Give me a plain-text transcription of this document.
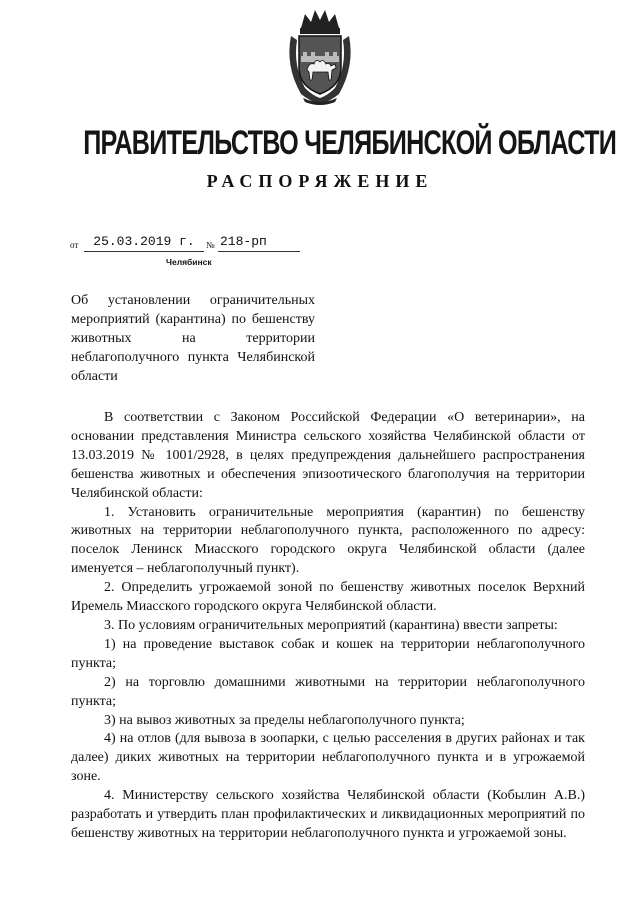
ПРАВИТЕЛЬСТВО ЧЕЛЯБИНСКОЙ ОБЛАСТИ
РАСПОРЯЖЕНИЕ
от	25.03.2019 г.	№ 218-рп
Челябинск
Об установлении ограничительных мероприятий (карантина) по бешенству животных на территории неблагополучного пункта Челябинской области

В соответствии с Законом Российской Федерации «О ветеринарии», на основании представления Министра сельского хозяйства Челябинской области от 13.03.2019 № 1001/2928, в целях предупреждения дальнейшего распространения бешенства животных и обеспечения эпизоотического благополучия на территории Челябинской области:

1. Установить ограничительные мероприятия (карантин) по бешенству животных на территории неблагополучного пункта, расположенного по адресу: поселок Ленинск Миасского городского округа Челябинской области (далее именуется – неблагополучный пункт).

2. Определить угрожаемой зоной по бешенству животных поселок Верхний Иремель Миасского городского округа Челябинской области.

3. По условиям ограничительных мероприятий (карантина) ввести запреты:

1) на проведение выставок собак и кошек на территории неблагополучного пункта;

2) на торговлю домашними животными на территории неблагополучного пункта;

3) на вывоз животных за пределы неблагополучного пункта;

4) на отлов (для вывоза в зоопарки, с целью расселения в других районах и так далее) диких животных на территории неблагополучного пункта и в угрожаемой зоне.

4. Министерству сельского хозяйства Челябинской области (Кобылин А.В.) разработать и утвердить план профилактических и ликвидационных мероприятий по бешенству животных на территории неблагополучного пункта и угрожаемой зоны.
